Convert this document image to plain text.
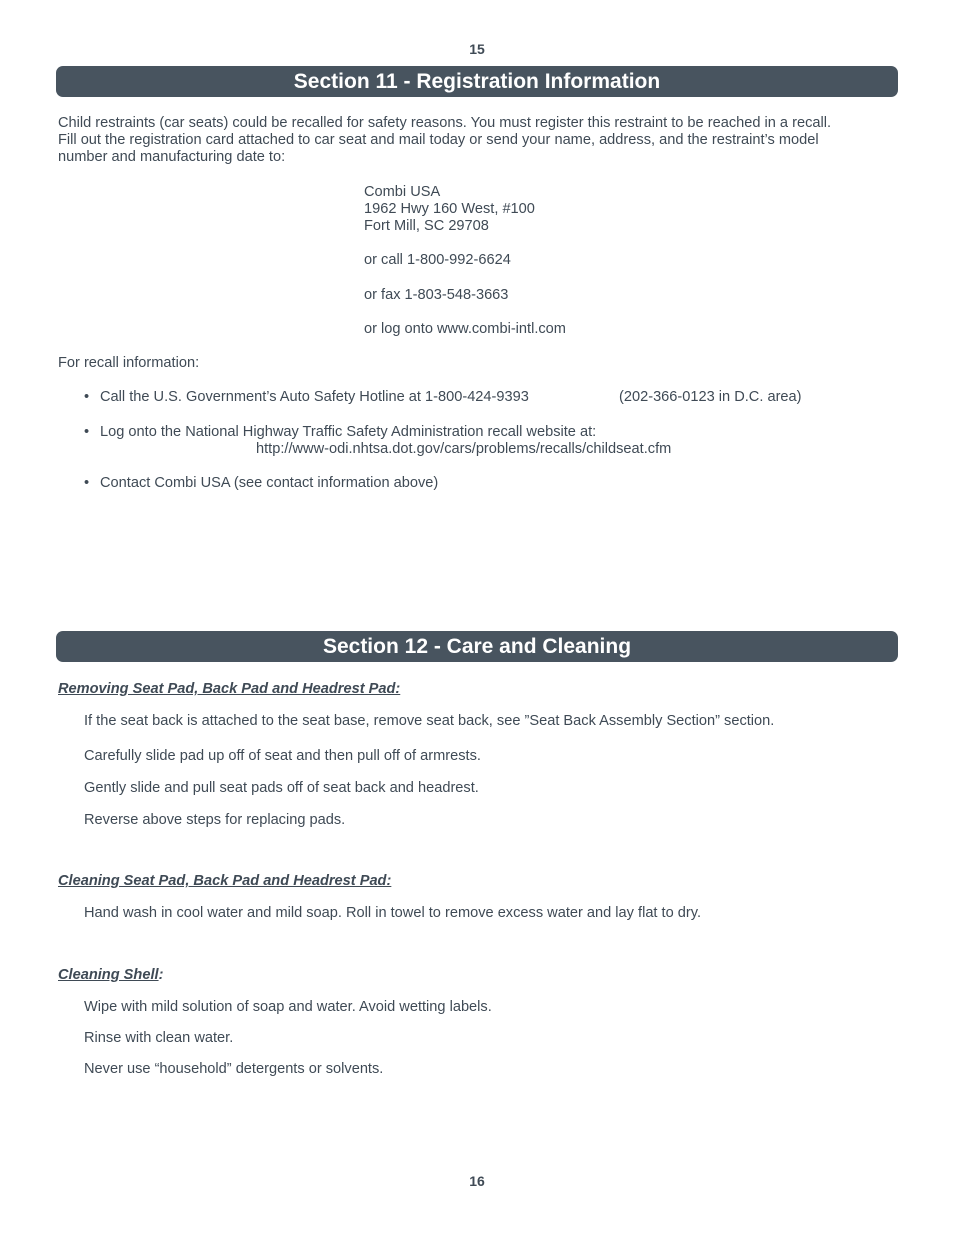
15
Section 11 - Registration Information
Child restraints (car seats) could be recalled for safety reasons. You must register this restraint to be reached in a recall.
Fill out the registration card attached to car seat and mail today or send your name, address, and the restraint’s model
number and manufacturing date to:
Combi USA
1962 Hwy 160 West, #100
Fort Mill, SC 29708
or call 1-800-992-6624
or fax 1-803-548-3663
or log onto www.combi-intl.com
For recall information:
• Call the U.S. Government’s Auto Safety Hotline at 1-800-424-9393	(202-366-0123 in D.C. area)
• Log onto the National Highway Traffic Safety Administration recall website at:
http://www-odi.nhtsa.dot.gov/cars/problems/recalls/childseat.cfm
• Contact Combi USA (see contact information above)
Section 12 - Care and Cleaning
Removing Seat Pad, Back Pad and Headrest Pad:
If the seat back is attached to the seat base, remove seat back, see ”Seat Back Assembly Section” section.
Carefully slide pad up off of seat and then pull off of armrests.
Gently slide and pull seat pads off of seat back and headrest.
Reverse above steps for replacing pads.
Cleaning Seat Pad, Back Pad and Headrest Pad:
Hand wash in cool water and mild soap. Roll in towel to remove excess water and lay flat to dry.
Cleaning Shell:
Wipe with mild solution of soap and water. Avoid wetting labels.
Rinse with clean water.
Never use “household” detergents or solvents.
16
